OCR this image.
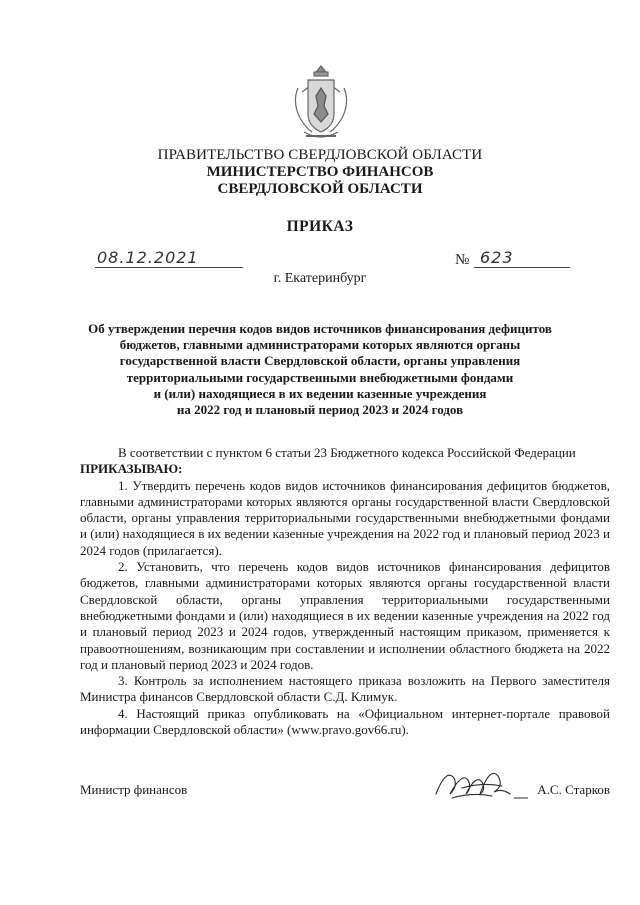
ПРАВИТЕЛЬСТВО СВЕРДЛОВСКОЙ ОБЛАСТИ
МИНИСТЕРСТВО ФИНАНСОВ
СВЕРДЛОВСКОЙ ОБЛАСТИ
ПРИКАЗ
08.12.2021	№ 623
г. Екатеринбург
Об утверждении перечня кодов видов источников финансирования дефицитов
бюджетов, главными администраторами которых являются органы
государственной власти Свердловской области, органы управления
территориальными государственными внебюджетными фондами
и (или) находящиеся в их ведении казенные учреждения
на 2022 год и плановый период 2023 и 2024 годов
В соответствии с пунктом 6 статьи 23 Бюджетного кодекса Российской Федерации
ПРИКАЗЫВАЮ:
1. Утвердить перечень кодов видов источников финансирования дефицитов бюджетов, главными администраторами которых являются органы государственной власти Свердловской области, органы управления территориальными государственными внебюджетными фондами и (или) находящиеся в их ведении казенные учреждения на 2022 год и плановый период 2023 и 2024 годов (прилагается).
2. Установить, что перечень кодов видов источников финансирования дефицитов бюджетов, главными администраторами которых являются органы государственной власти Свердловской области, органы управления территориальными государственными внебюджетными фондами и (или) находящиеся в их ведении казенные учреждения на 2022 год и плановый период 2023 и 2024 годов, утвержденный настоящим приказом, применяется к правоотношениям, возникающим при составлении и исполнении областного бюджета на 2022 год и плановый период 2023 и 2024 годов.
3. Контроль за исполнением настоящего приказа возложить на Первого заместителя Министра финансов Свердловской области С.Д. Климук.
4. Настоящий приказ опубликовать на «Официальном интернет-портале правовой информации Свердловской области» (www.pravo.gov66.ru).
Министр финансов	А.С. Старков
